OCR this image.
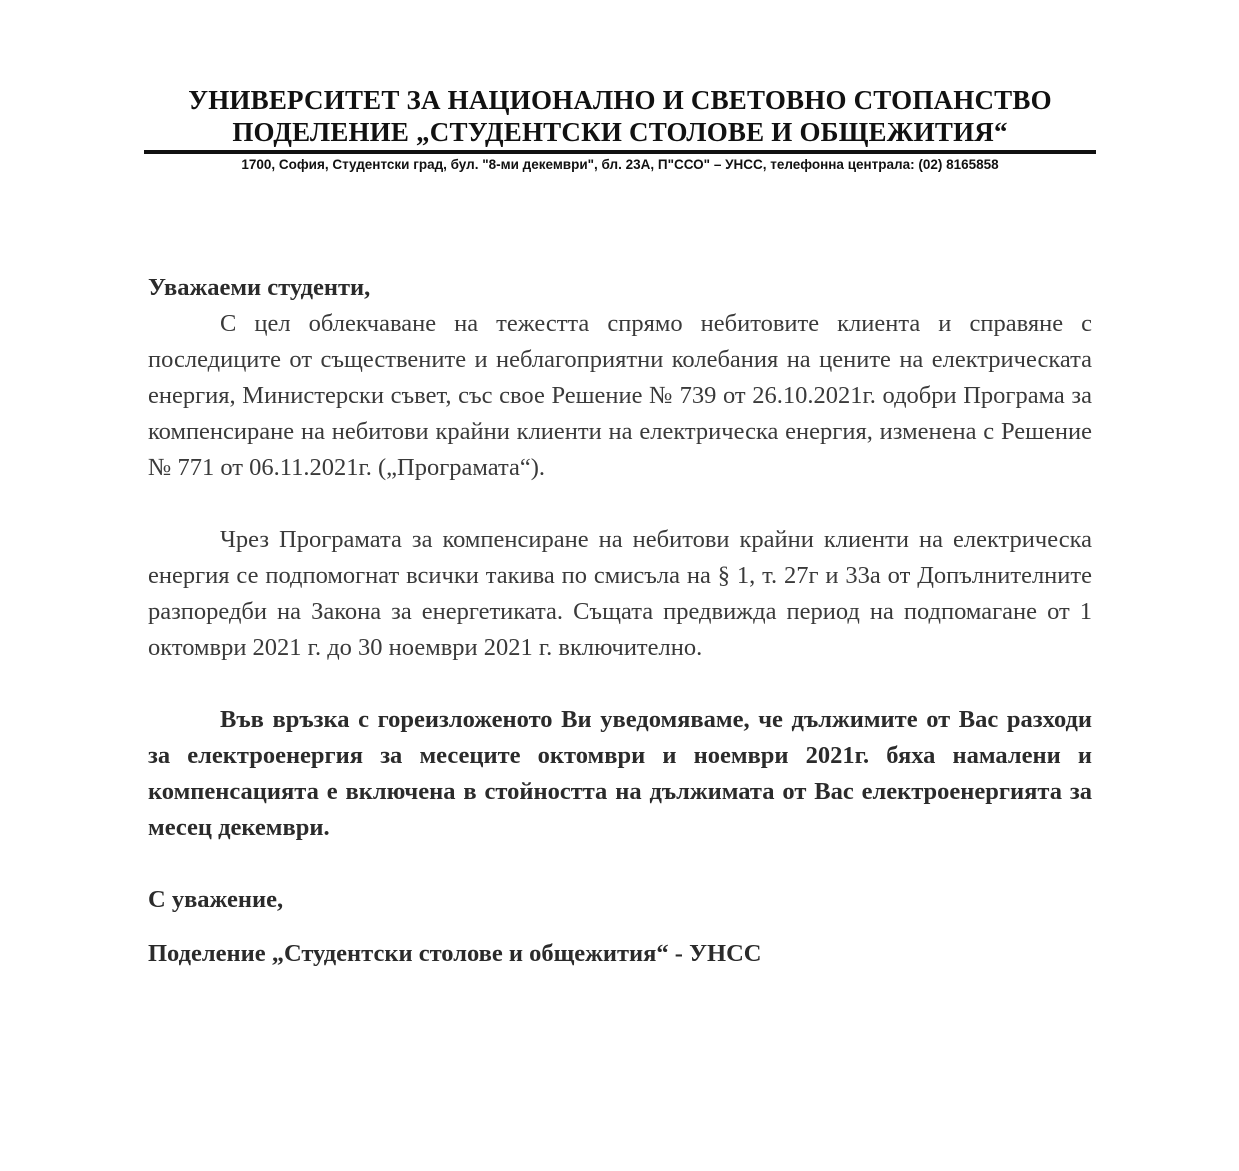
УНИВЕРСИТЕТ ЗА НАЦИОНАЛНО И СВЕТОВНО СТОПАНСТВО
ПОДЕЛЕНИЕ „СТУДЕНТСКИ СТОЛОВЕ И ОБЩЕЖИТИЯ“
1700, София, Студентски град, бул. "8-ми декември", бл. 23А, П"ССО" – УНСС, телефонна централа: (02) 8165858
Уважаеми студенти,

С цел облекчаване на тежестта спрямо небитовите клиента и справяне с последиците от съществените и неблагоприятни колебания на цените на електрическата енергия, Министерски съвет, със свое Решение № 739 от 26.10.2021г. одобри Програма за компенсиране на небитови крайни клиенти на електрическа енергия, изменена с Решение № 771 от 06.11.2021г. („Програмата“).

Чрез Програмата за компенсиране на небитови крайни клиенти на електрическа енергия се подпомогнат всички такива по смисъла на § 1, т. 27г и 33а от Допълнителните разпоредби на Закона за енергетиката. Същата предвижда период на подпомагане от 1 октомври 2021 г. до 30 ноември 2021 г. включително.

Във връзка с гореизложеното Ви уведомяваме, че дължимите от Вас разходи за електроенергия за месеците октомври и ноември 2021г. бяха намалени и компенсацията е включена в стойността на дължимата от Вас електроенергията за месец декември.

С уважение,
Поделение „Студентски столове и общежития“ - УНСС
